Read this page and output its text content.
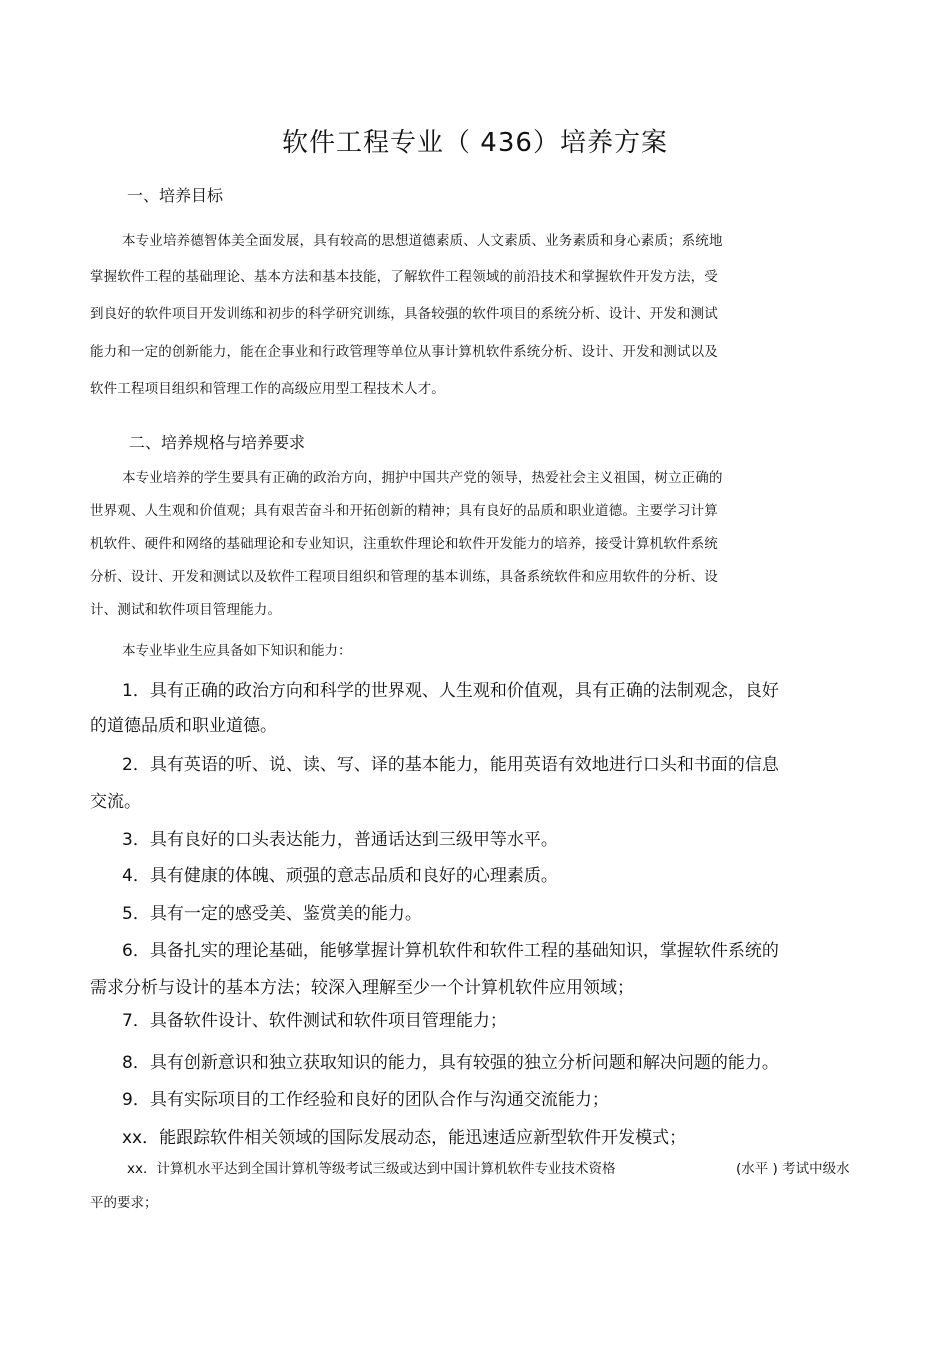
软件工程专业（ 436）培养方案
一、培养目标
本专业培养德智体美全面发展，具有较高的思想道德素质、人文素质、业务素质和身心素质；系统地
掌握软件工程的基础理论、基本方法和基本技能，了解软件工程领域的前沿技术和掌握软件开发方法，受
到良好的软件项目开发训练和初步的科学研究训练，具备较强的软件项目的系统分析、设计、开发和测试
能力和一定的创新能力，能在企事业和行政管理等单位从事计算机软件系统分析、设计、开发和测试以及
软件工程项目组织和管理工作的高级应用型工程技术人才。
二、培养规格与培养要求
本专业培养的学生要具有正确的政治方向，拥护中国共产党的领导，热爱社会主义祖国，树立正确的
世界观、人生观和价值观；具有艰苦奋斗和开拓创新的精神；具有良好的品质和职业道德。主要学习计算
机软件、硬件和网络的基础理论和专业知识，注重软件理论和软件开发能力的培养，接受计算机软件系统
分析、设计、开发和测试以及软件工程项目组织和管理的基本训练，具备系统软件和应用软件的分析、设
计、测试和软件项目管理能力。
本专业毕业生应具备如下知识和能力：
1．具有正确的政治方向和科学的世界观、人生观和价值观，具有正确的法制观念，良好
的道德品质和职业道德。
2．具有英语的听、说、读、写、译的基本能力，能用英语有效地进行口头和书面的信息
交流。
3．具有良好的口头表达能力，普通话达到三级甲等水平。
4．具有健康的体魄、顽强的意志品质和良好的心理素质。
5．具有一定的感受美、鉴赏美的能力。
6．具备扎实的理论基础，能够掌握计算机软件和软件工程的基础知识，掌握软件系统的
需求分析与设计的基本方法；较深入理解至少一个计算机软件应用领域；
7．具备软件设计、软件测试和软件项目管理能力；
8．具有创新意识和独立获取知识的能力，具有较强的独立分析问题和解决问题的能力。
9．具有实际项目的工作经验和良好的团队合作与沟通交流能力；
xx．能跟踪软件相关领域的国际发展动态，能迅速适应新型软件开发模式；
xx．计算机水平达到全国计算机等级考试三级或达到中国计算机软件专业技术资格	(水平 ) 考试中级水
平的要求；
